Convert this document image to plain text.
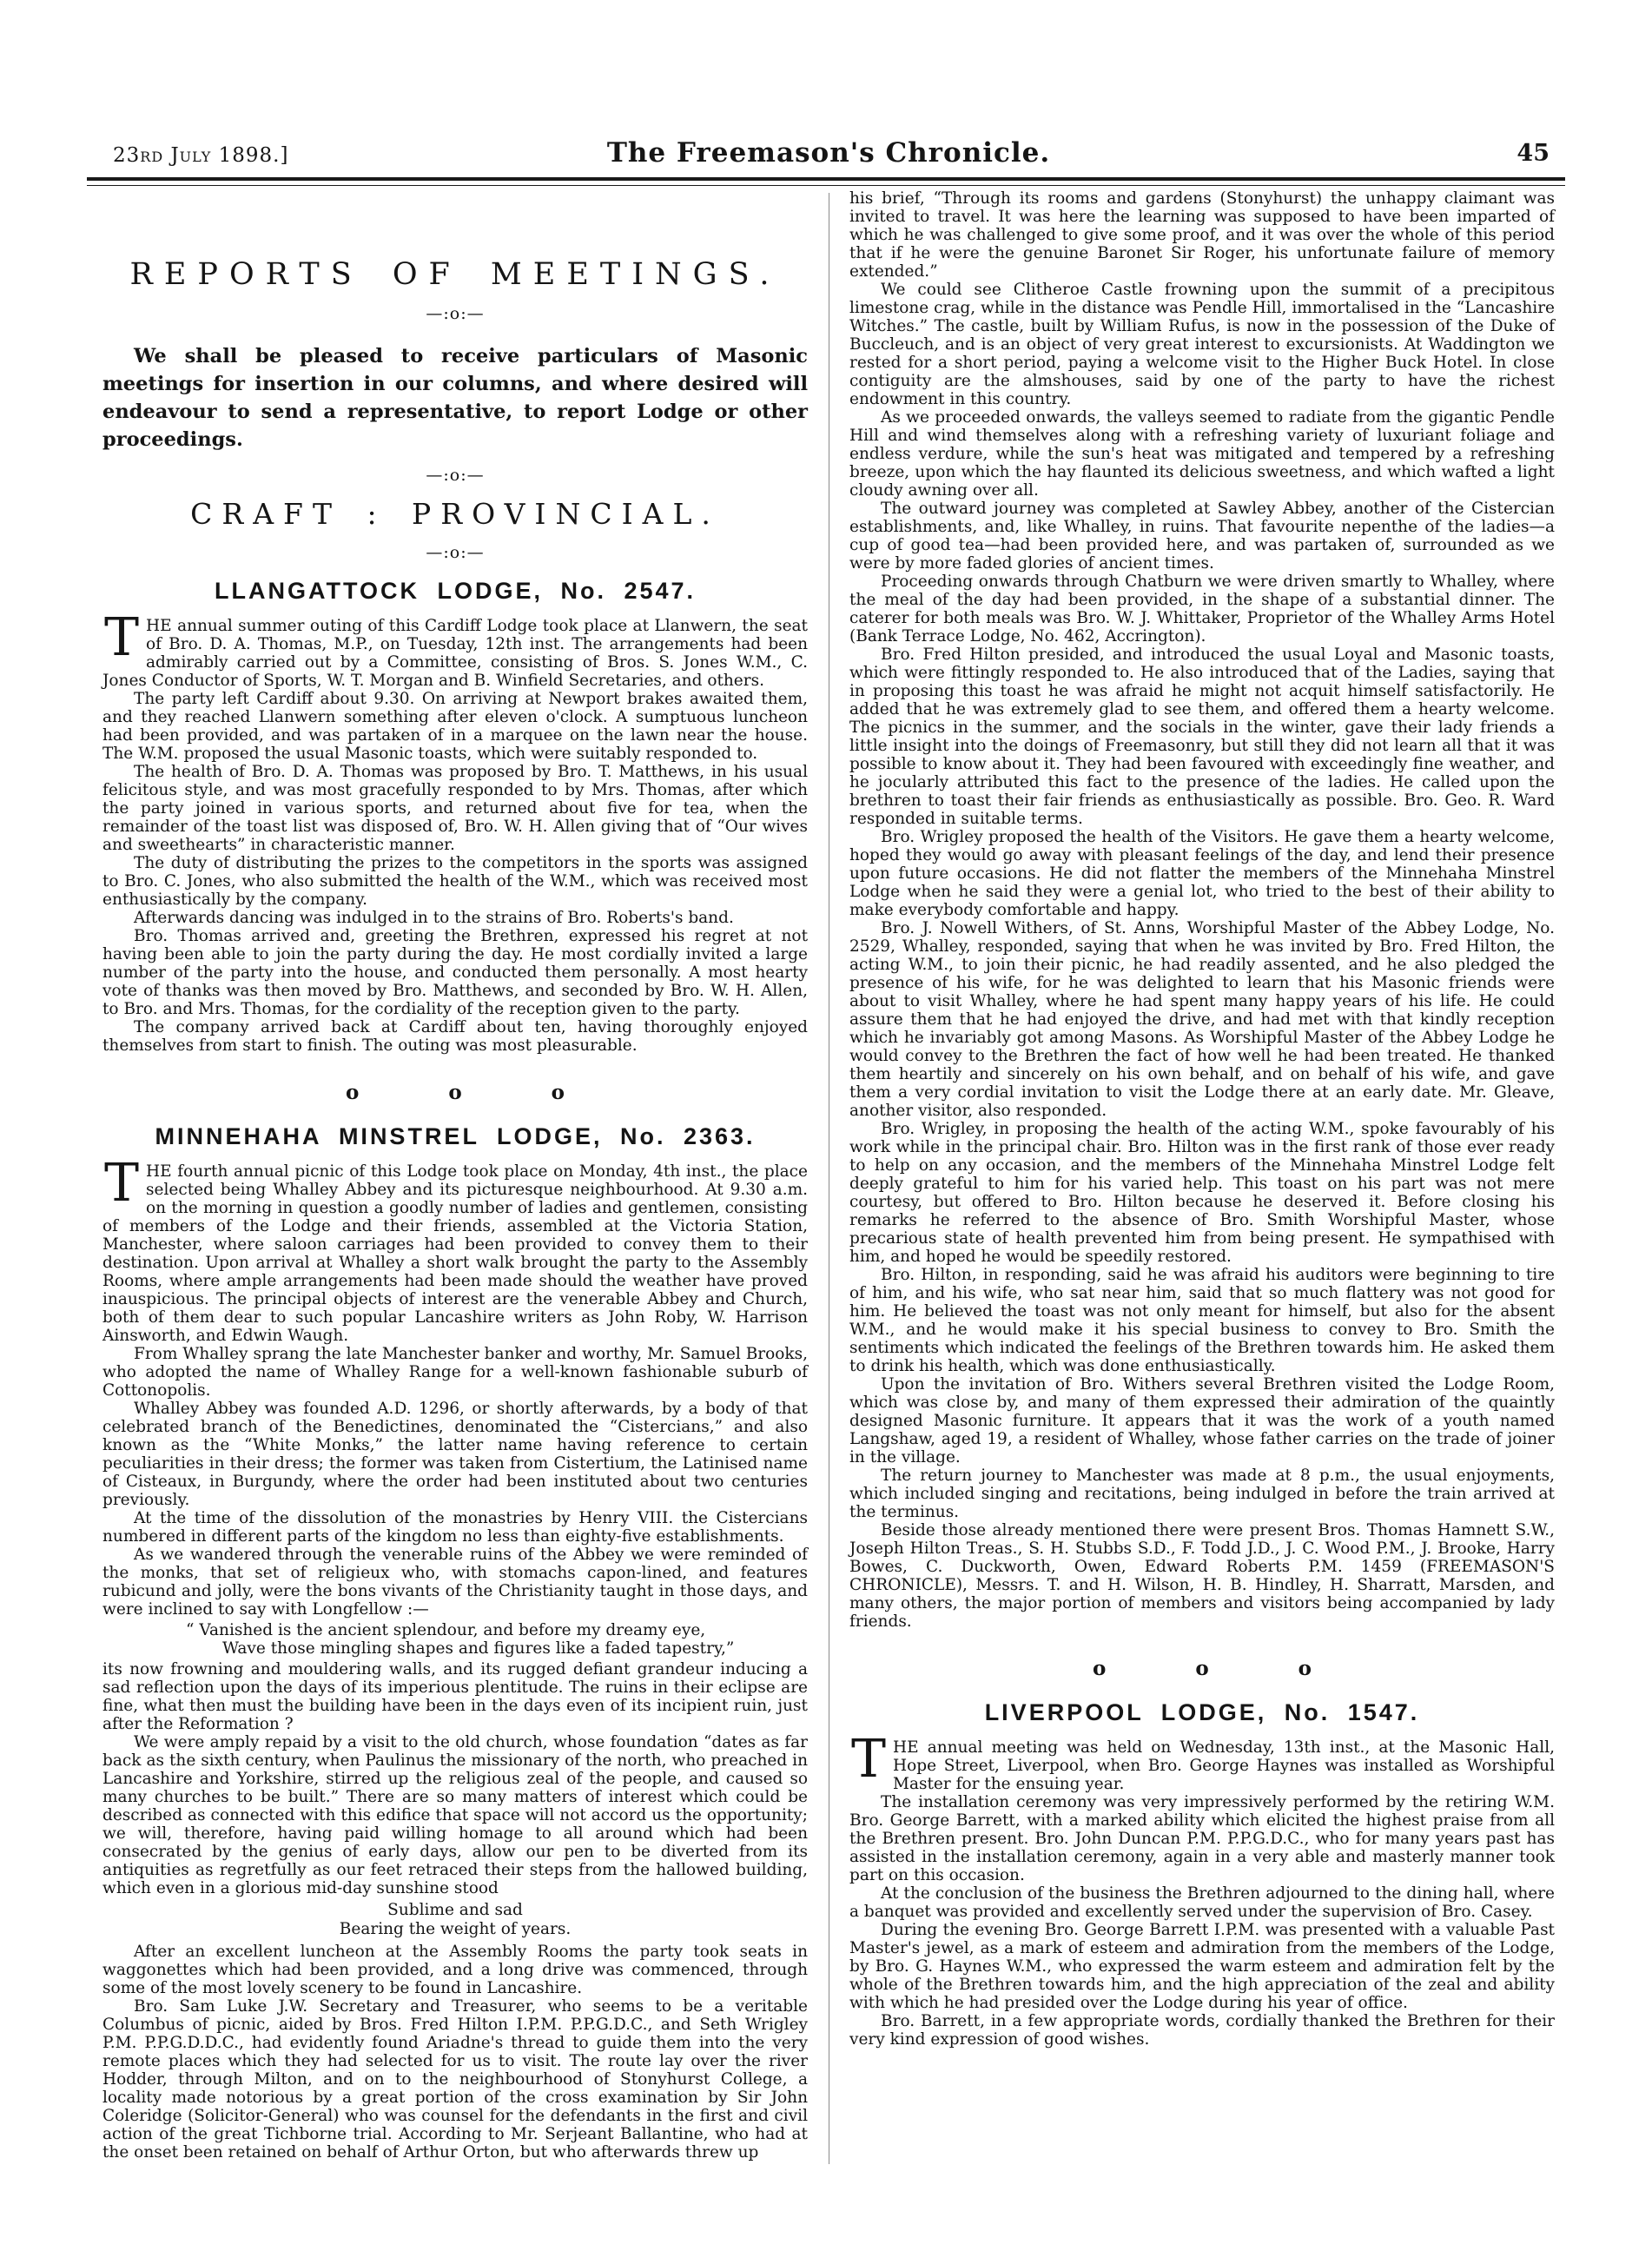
23rd July 1898.]	The Freemason's Chronicle.	45
REPORTS OF MEETINGS.
—:o:—

We shall be pleased to receive particulars of Masonic meetings for insertion in our columns, and where desired will endeavour to send a representative, to report Lodge or other proceedings.

—:o:—
CRAFT : PROVINCIAL.
—:o:—
LLANGATTOCK LODGE, No. 2547.

THE annual summer outing of this Cardiff Lodge took place at Llanwern, the seat of Bro. D. A. Thomas, M.P., on Tuesday, 12th inst. The arrangements had been admirably carried out by a Committee, consisting of Bros. S. Jones W.M., C. Jones Conductor of Sports, W. T. Morgan and B. Winfield Secretaries, and others.

The party left Cardiff about 9.30. On arriving at Newport brakes awaited them, and they reached Llanwern something after eleven o'clock. A sumptuous luncheon had been provided, and was partaken of in a marquee on the lawn near the house. The W.M. proposed the usual Masonic toasts, which were suitably responded to.

The health of Bro. D. A. Thomas was proposed by Bro. T. Matthews, in his usual felicitous style, and was most gracefully responded to by Mrs. Thomas, after which the party joined in various sports, and returned about five for tea, when the remainder of the toast list was disposed of, Bro. W. H. Allen giving that of “Our wives and sweethearts” in characteristic manner.

The duty of distributing the prizes to the competitors in the sports was assigned to Bro. C. Jones, who also submitted the health of the W.M., which was received most enthusiastically by the company.

Afterwards dancing was indulged in to the strains of Bro. Roberts's band.

Bro. Thomas arrived and, greeting the Brethren, expressed his regret at not having been able to join the party during the day. He most cordially invited a large number of the party into the house, and conducted them personally. A most hearty vote of thanks was then moved by Bro. Matthews, and seconded by Bro. W. H. Allen, to Bro. and Mrs. Thomas, for the cordiality of the reception given to the party.

The company arrived back at Cardiff about ten, having thoroughly enjoyed themselves from start to finish. The outing was most pleasurable.

o o o
MINNEHAHA MINSTREL LODGE, No. 2363.

THE fourth annual picnic of this Lodge took place on Monday, 4th inst., the place selected being Whalley Abbey and its picturesque neighbourhood. At 9.30 a.m. on the morning in question a goodly number of ladies and gentlemen, consisting of members of the Lodge and their friends, assembled at the Victoria Station, Manchester, where saloon carriages had been provided to convey them to their destination. Upon arrival at Whalley a short walk brought the party to the Assembly Rooms, where ample arrangements had been made should the weather have proved inauspicious. The principal objects of interest are the venerable Abbey and Church, both of them dear to such popular Lancashire writers as John Roby, W. Harrison Ainsworth, and Edwin Waugh.

From Whalley sprang the late Manchester banker and worthy, Mr. Samuel Brooks, who adopted the name of Whalley Range for a well-known fashionable suburb of Cottonopolis.

Whalley Abbey was founded A.D. 1296, or shortly afterwards, by a body of that celebrated branch of the Benedictines, denominated the “Cistercians,” and also known as the “White Monks,” the latter name having reference to certain peculiarities in their dress; the former was taken from Cistertium, the Latinised name of Cisteaux, in Burgundy, where the order had been instituted about two centuries previously.

At the time of the dissolution of the monastries by Henry VIII. the Cistercians numbered in different parts of the kingdom no less than eighty-five establishments.

As we wandered through the venerable ruins of the Abbey we were reminded of the monks, that set of religieux who, with stomachs capon-lined, and features rubicund and jolly, were the bons vivants of the Christianity taught in those days, and were inclined to say with Longfellow :—

“ Vanished is the ancient splendour, and before my dreamy eye,
Wave those mingling shapes and figures like a faded tapestry,”

its now frowning and mouldering walls, and its rugged defiant grandeur inducing a sad reflection upon the days of its imperious plentitude. The ruins in their eclipse are fine, what then must the building have been in the days even of its incipient ruin, just after the Reformation ?

We were amply repaid by a visit to the old church, whose foundation “dates as far back as the sixth century, when Paulinus the missionary of the north, who preached in Lancashire and Yorkshire, stirred up the religious zeal of the people, and caused so many churches to be built.” There are so many matters of interest which could be described as connected with this edifice that space will not accord us the opportunity; we will, therefore, having paid willing homage to all around which had been consecrated by the genius of early days, allow our pen to be diverted from its antiquities as regretfully as our feet retraced their steps from the hallowed building, which even in a glorious mid-day sunshine stood

Sublime and sad
Bearing the weight of years.

After an excellent luncheon at the Assembly Rooms the party took seats in waggonettes which had been provided, and a long drive was commenced, through some of the most lovely scenery to be found in Lancashire.

Bro. Sam Luke J.W. Secretary and Treasurer, who seems to be a veritable Columbus of picnic, aided by Bros. Fred Hilton I.P.M. P.P.G.D.C., and Seth Wrigley P.M. P.P.G.D.D.C., had evidently found Ariadne's thread to guide them into the very remote places which they had selected for us to visit. The route lay over the river Hodder, through Milton, and on to the neighbourhood of Stonyhurst College, a locality made notorious by a great portion of the cross examination by Sir John Coleridge (Solicitor-General) who was counsel for the defendants in the first and civil action of the great Tichborne trial. According to Mr. Serjeant Ballantine, who had at the onset been retained on behalf of Arthur Orton, but who afterwards threw up

his brief, “Through its rooms and gardens (Stonyhurst) the unhappy claimant was invited to travel. It was here the learning was supposed to have been imparted of which he was challenged to give some proof, and it was over the whole of this period that if he were the genuine Baronet Sir Roger, his unfortunate failure of memory extended.”

We could see Clitheroe Castle frowning upon the summit of a precipitous limestone crag, while in the distance was Pendle Hill, immortalised in the “Lancashire Witches.” The castle, built by William Rufus, is now in the possession of the Duke of Buccleuch, and is an object of very great interest to excursionists. At Waddington we rested for a short period, paying a welcome visit to the Higher Buck Hotel. In close contiguity are the almshouses, said by one of the party to have the richest endowment in this country.

As we proceeded onwards, the valleys seemed to radiate from the gigantic Pendle Hill and wind themselves along with a refreshing variety of luxuriant foliage and endless verdure, while the sun's heat was mitigated and tempered by a refreshing breeze, upon which the hay flaunted its delicious sweetness, and which wafted a light cloudy awning over all.

The outward journey was completed at Sawley Abbey, another of the Cistercian establishments, and, like Whalley, in ruins. That favourite nepenthe of the ladies—a cup of good tea—had been provided here, and was partaken of, surrounded as we were by more faded glories of ancient times.

Proceeding onwards through Chatburn we were driven smartly to Whalley, where the meal of the day had been provided, in the shape of a substantial dinner. The caterer for both meals was Bro. W. J. Whittaker, Proprietor of the Whalley Arms Hotel (Bank Terrace Lodge, No. 462, Accrington).

Bro. Fred Hilton presided, and introduced the usual Loyal and Masonic toasts, which were fittingly responded to. He also introduced that of the Ladies, saying that in proposing this toast he was afraid he might not acquit himself satisfactorily. He added that he was extremely glad to see them, and offered them a hearty welcome. The picnics in the summer, and the socials in the winter, gave their lady friends a little insight into the doings of Freemasonry, but still they did not learn all that it was possible to know about it. They had been favoured with exceedingly fine weather, and he jocularly attributed this fact to the presence of the ladies. He called upon the brethren to toast their fair friends as enthusiastically as possible. Bro. Geo. R. Ward responded in suitable terms.

Bro. Wrigley proposed the health of the Visitors. He gave them a hearty welcome, hoped they would go away with pleasant feelings of the day, and lend their presence upon future occasions. He did not flatter the members of the Minnehaha Minstrel Lodge when he said they were a genial lot, who tried to the best of their ability to make everybody comfortable and happy.

Bro. J. Nowell Withers, of St. Anns, Worshipful Master of the Abbey Lodge, No. 2529, Whalley, responded, saying that when he was invited by Bro. Fred Hilton, the acting W.M., to join their picnic, he had readily assented, and he also pledged the presence of his wife, for he was delighted to learn that his Masonic friends were about to visit Whalley, where he had spent many happy years of his life. He could assure them that he had enjoyed the drive, and had met with that kindly reception which he invariably got among Masons. As Worshipful Master of the Abbey Lodge he would convey to the Brethren the fact of how well he had been treated. He thanked them heartily and sincerely on his own behalf, and on behalf of his wife, and gave them a very cordial invitation to visit the Lodge there at an early date. Mr. Gleave, another visitor, also responded.

Bro. Wrigley, in proposing the health of the acting W.M., spoke favourably of his work while in the principal chair. Bro. Hilton was in the first rank of those ever ready to help on any occasion, and the members of the Minnehaha Minstrel Lodge felt deeply grateful to him for his varied help. This toast on his part was not mere courtesy, but offered to Bro. Hilton because he deserved it. Before closing his remarks he referred to the absence of Bro. Smith Worshipful Master, whose precarious state of health prevented him from being present. He sympathised with him, and hoped he would be speedily restored.

Bro. Hilton, in responding, said he was afraid his auditors were beginning to tire of him, and his wife, who sat near him, said that so much flattery was not good for him. He believed the toast was not only meant for himself, but also for the absent W.M., and he would make it his special business to convey to Bro. Smith the sentiments which indicated the feelings of the Brethren towards him. He asked them to drink his health, which was done enthusiastically.

Upon the invitation of Bro. Withers several Brethren visited the Lodge Room, which was close by, and many of them expressed their admiration of the quaintly designed Masonic furniture. It appears that it was the work of a youth named Langshaw, aged 19, a resident of Whalley, whose father carries on the trade of joiner in the village.

The return journey to Manchester was made at 8 p.m., the usual enjoyments, which included singing and recitations, being indulged in before the train arrived at the terminus.

Beside those already mentioned there were present Bros. Thomas Hamnett S.W., Joseph Hilton Treas., S. H. Stubbs S.D., F. Todd J.D., J. C. Wood P.M., J. Brooke, Harry Bowes, C. Duckworth, Owen, Edward Roberts P.M. 1459 (FREEMASON'S CHRONICLE), Messrs. T. and H. Wilson, H. B. Hindley, H. Sharratt, Marsden, and many others, the major portion of members and visitors being accompanied by lady friends.

o o o
LIVERPOOL LODGE, No. 1547.

THE annual meeting was held on Wednesday, 13th inst., at the Masonic Hall, Hope Street, Liverpool, when Bro. George Haynes was installed as Worshipful Master for the ensuing year.

The installation ceremony was very impressively performed by the retiring W.M. Bro. George Barrett, with a marked ability which elicited the highest praise from all the Brethren present. Bro. John Duncan P.M. P.P.G.D.C., who for many years past has assisted in the installation ceremony, again in a very able and masterly manner took part on this occasion.

At the conclusion of the business the Brethren adjourned to the dining hall, where a banquet was provided and excellently served under the supervision of Bro. Casey.

During the evening Bro. George Barrett I.P.M. was presented with a valuable Past Master's jewel, as a mark of esteem and admiration from the members of the Lodge, by Bro. G. Haynes W.M., who expressed the warm esteem and admiration felt by the whole of the Brethren towards him, and the high appreciation of the zeal and ability with which he had presided over the Lodge during his year of office.

Bro. Barrett, in a few appropriate words, cordially thanked the Brethren for their very kind expression of good wishes.
